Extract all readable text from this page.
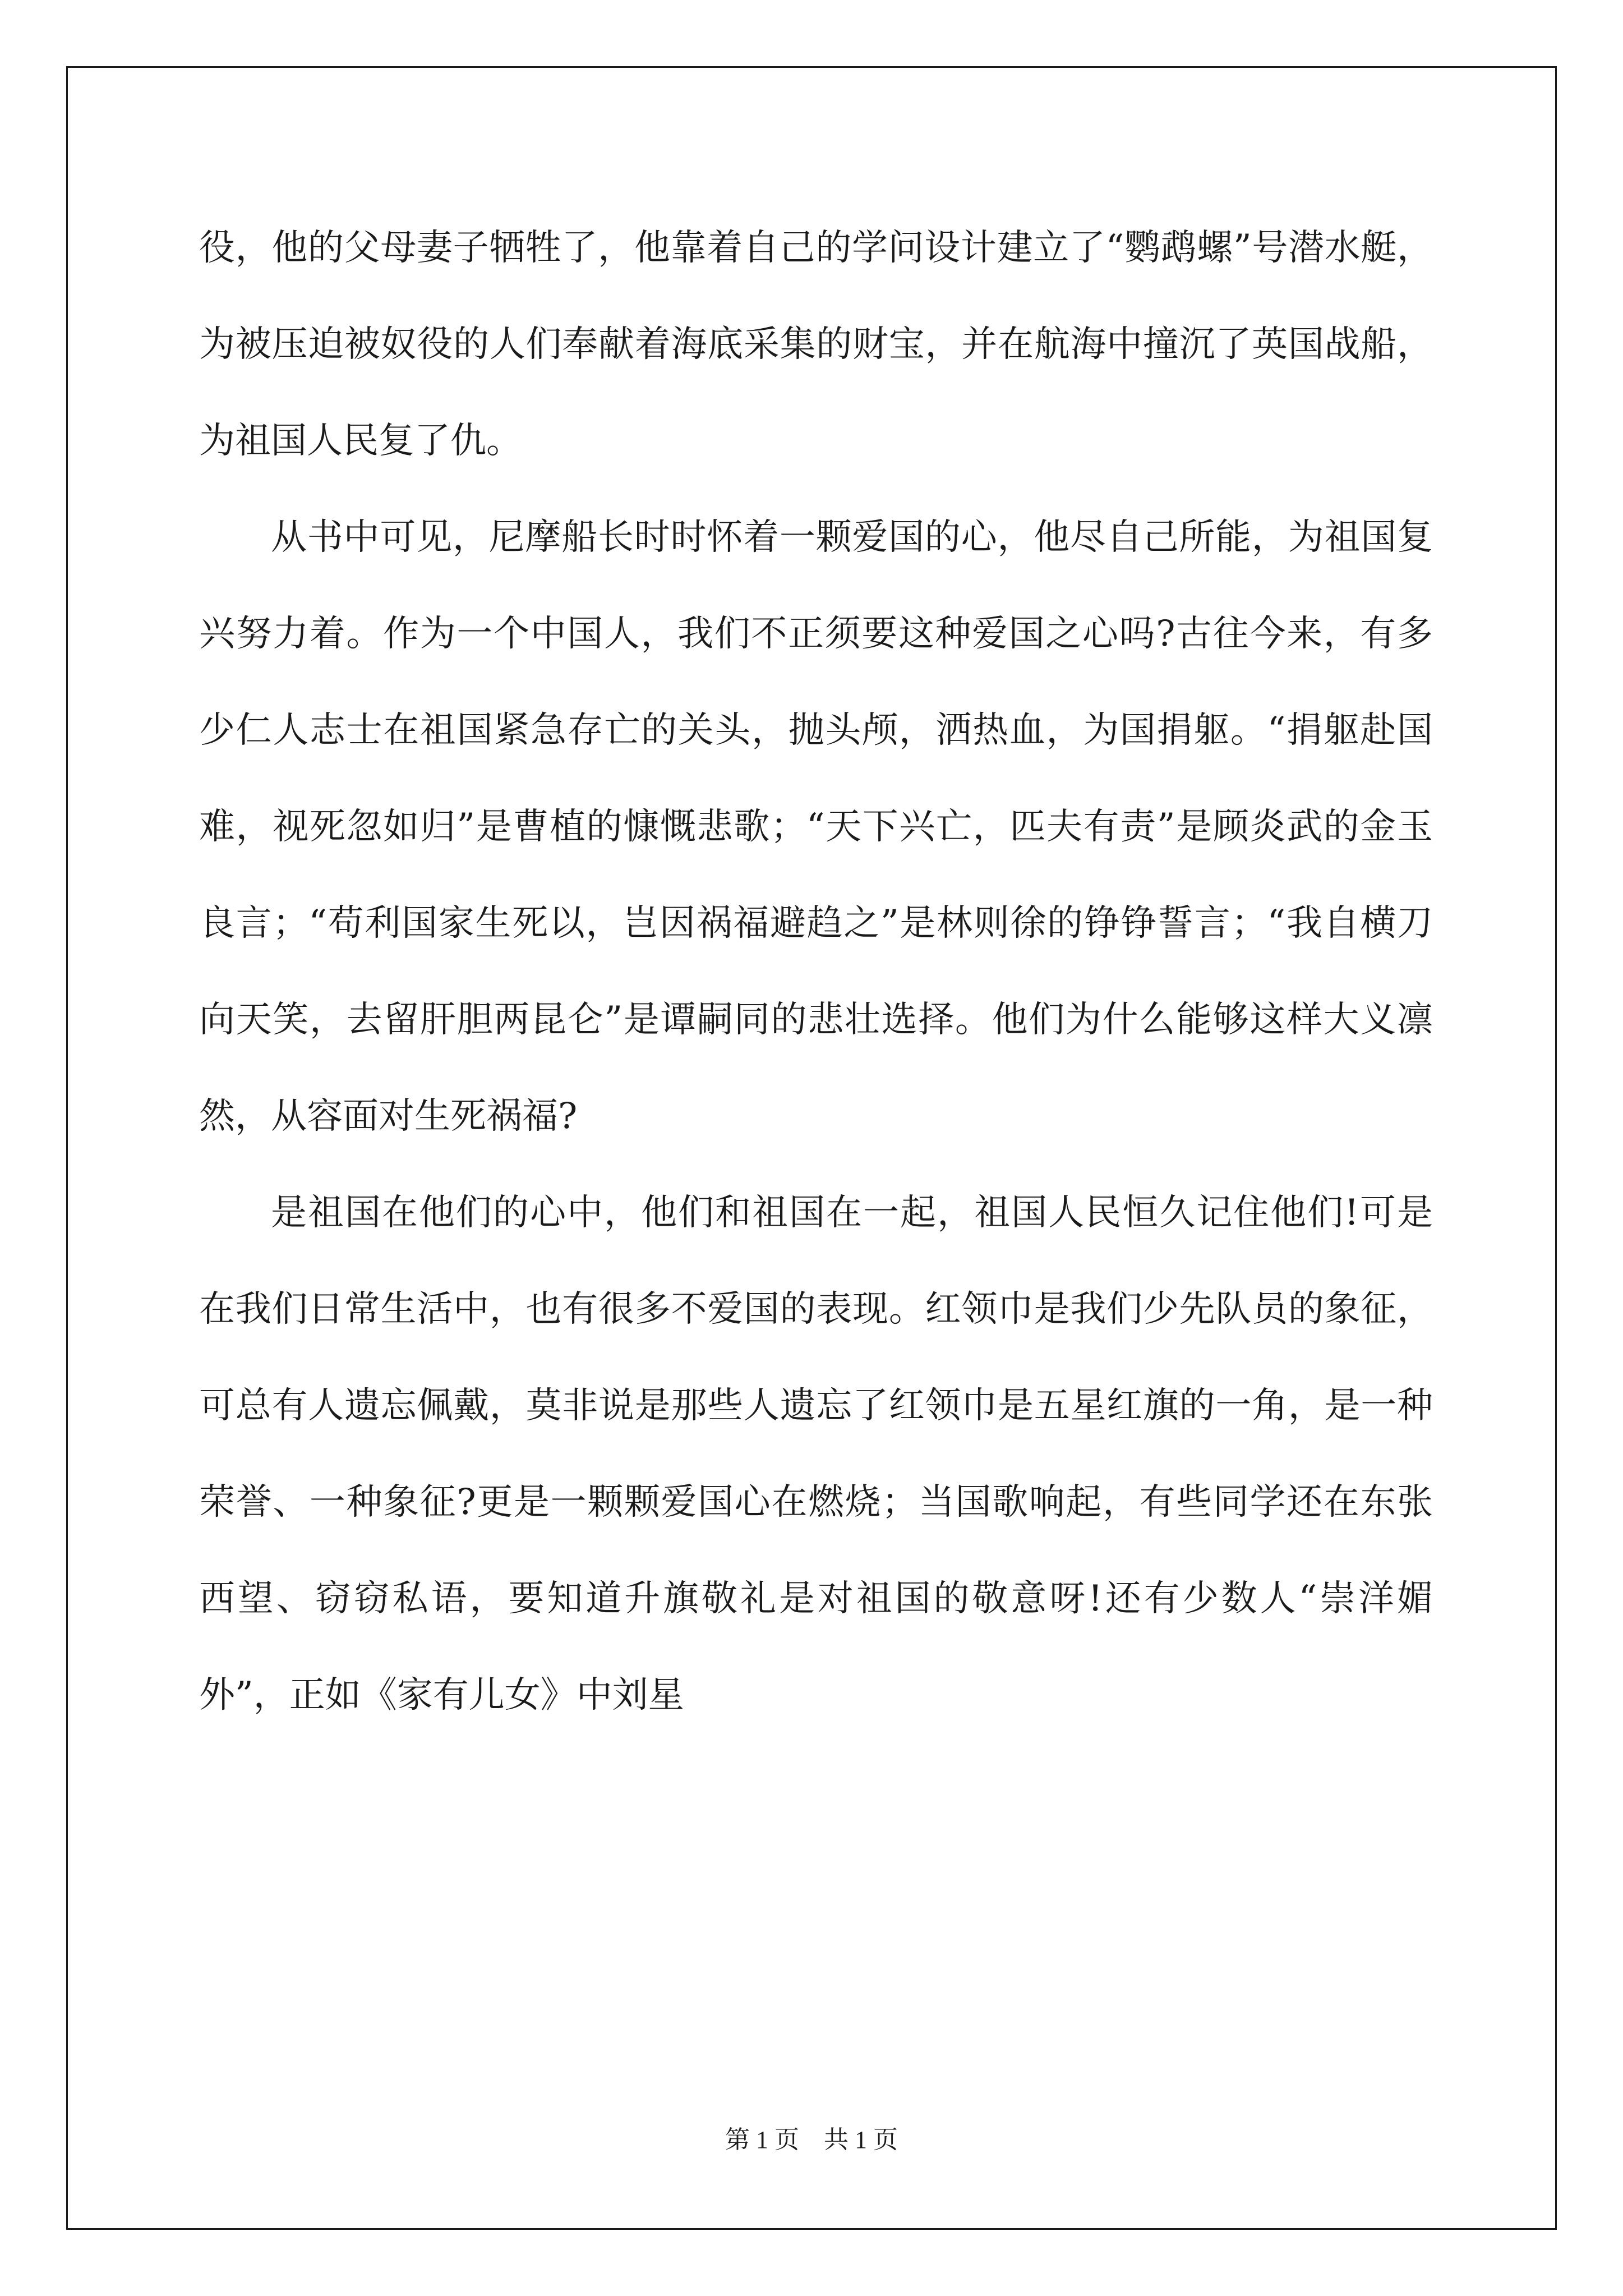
役，他的父母妻子牺牲了，他靠着自己的学问设计建立了“鹦鹉螺”号潜水艇，为被压迫被奴役的人们奉献着海底采集的财宝，并在航海中撞沉了英国战船，为祖国人民复了仇。

从书中可见，尼摩船长时时怀着一颗爱国的心，他尽自己所能，为祖国复兴努力着。作为一个中国人，我们不正须要这种爱国之心吗?古往今来，有多少仁人志士在祖国紧急存亡的关头，抛头颅，洒热血，为国捐躯。“捐躯赴国难，视死忽如归”是曹植的慷慨悲歌；“天下兴亡，匹夫有责”是顾炎武的金玉良言；“苟利国家生死以，岂因祸福避趋之”是林则徐的铮铮誓言；“我自横刀向天笑，去留肝胆两昆仑”是谭嗣同的悲壮选择。他们为什么能够这样大义凛然，从容面对生死祸福?

是祖国在他们的心中，他们和祖国在一起，祖国人民恒久记住他们!可是在我们日常生活中，也有很多不爱国的表现。红领巾是我们少先队员的象征，可总有人遗忘佩戴，莫非说是那些人遗忘了红领巾是五星红旗的一角，是一种荣誉、一种象征?更是一颗颗爱国心在燃烧；当国歌响起，有些同学还在东张西望、窃窃私语，要知道升旗敬礼是对祖国的敬意呀!还有少数人“崇洋媚外”，正如《家有儿女》中刘星

第 1 页    共 1 页
